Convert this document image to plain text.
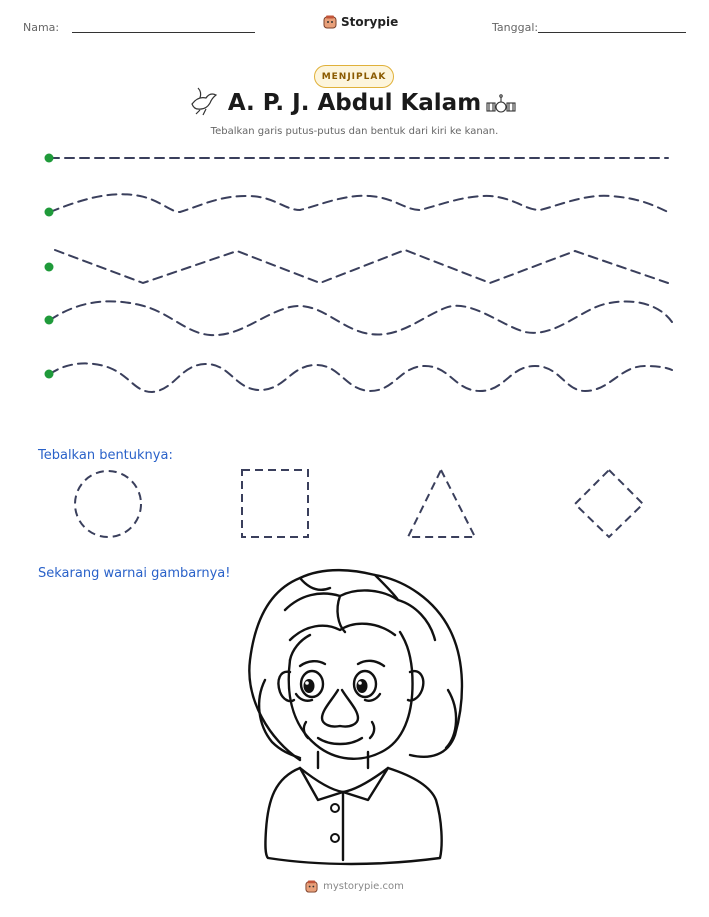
Nama:	Storypie	Tanggal:
MENJIPLAK
A. P. J. Abdul Kalam
Tebalkan garis putus-putus dan bentuk dari kiri ke kanan.
Tebalkan bentuknya:
Sekarang warnai gambarnya!
mystorypie.com
